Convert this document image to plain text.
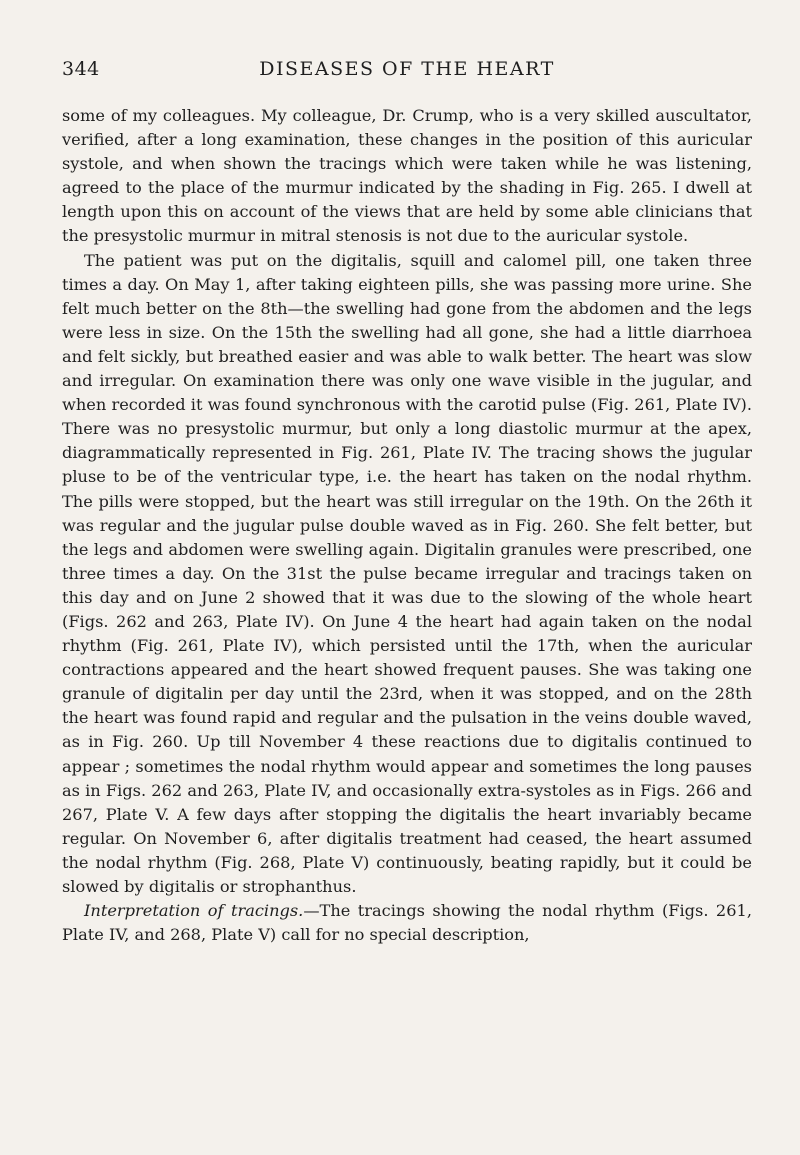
344	DISEASES OF THE HEART

some of my colleagues. My colleague, Dr. Crump, who is a very skilled auscultator, verified, after a long examination, these changes in the position of this auricular systole, and when shown the tracings which were taken while he was listening, agreed to the place of the murmur indicated by the shading in Fig. 265. I dwell at length upon this on account of the views that are held by some able clinicians that the presystolic murmur in mitral stenosis is not due to the auricular systole.

The patient was put on the digitalis, squill and calomel pill, one taken three times a day. On May 1, after taking eighteen pills, she was passing more urine. She felt much better on the 8th—the swelling had gone from the abdomen and the legs were less in size. On the 15th the swelling had all gone, she had a little diarrhoea and felt sickly, but breathed easier and was able to walk better. The heart was slow and irregular. On examination there was only one wave visible in the jugular, and when recorded it was found synchronous with the carotid pulse (Fig. 261, Plate IV). There was no presystolic murmur, but only a long diastolic murmur at the apex, diagrammatically represented in Fig. 261, Plate IV. The tracing shows the jugular pluse to be of the ventricular type, i.e. the heart has taken on the nodal rhythm. The pills were stopped, but the heart was still irregular on the 19th. On the 26th it was regular and the jugular pulse double waved as in Fig. 260. She felt better, but the legs and abdomen were swelling again. Digitalin granules were prescribed, one three times a day. On the 31st the pulse became irregular and tracings taken on this day and on June 2 showed that it was due to the slowing of the whole heart (Figs. 262 and 263, Plate IV). On June 4 the heart had again taken on the nodal rhythm (Fig. 261, Plate IV), which persisted until the 17th, when the auricular contractions appeared and the heart showed frequent pauses. She was taking one granule of digitalin per day until the 23rd, when it was stopped, and on the 28th the heart was found rapid and regular and the pulsation in the veins double waved, as in Fig. 260. Up till November 4 these reactions due to digitalis continued to appear ; sometimes the nodal rhythm would appear and sometimes the long pauses as in Figs. 262 and 263, Plate IV, and occasionally extra-systoles as in Figs. 266 and 267, Plate V. A few days after stopping the digitalis the heart invariably became regular. On November 6, after digitalis treatment had ceased, the heart assumed the nodal rhythm (Fig. 268, Plate V) continuously, beating rapidly, but it could be slowed by digitalis or strophanthus.

Interpretation of tracings.—The tracings showing the nodal rhythm (Figs. 261, Plate IV, and 268, Plate V) call for no special description,
